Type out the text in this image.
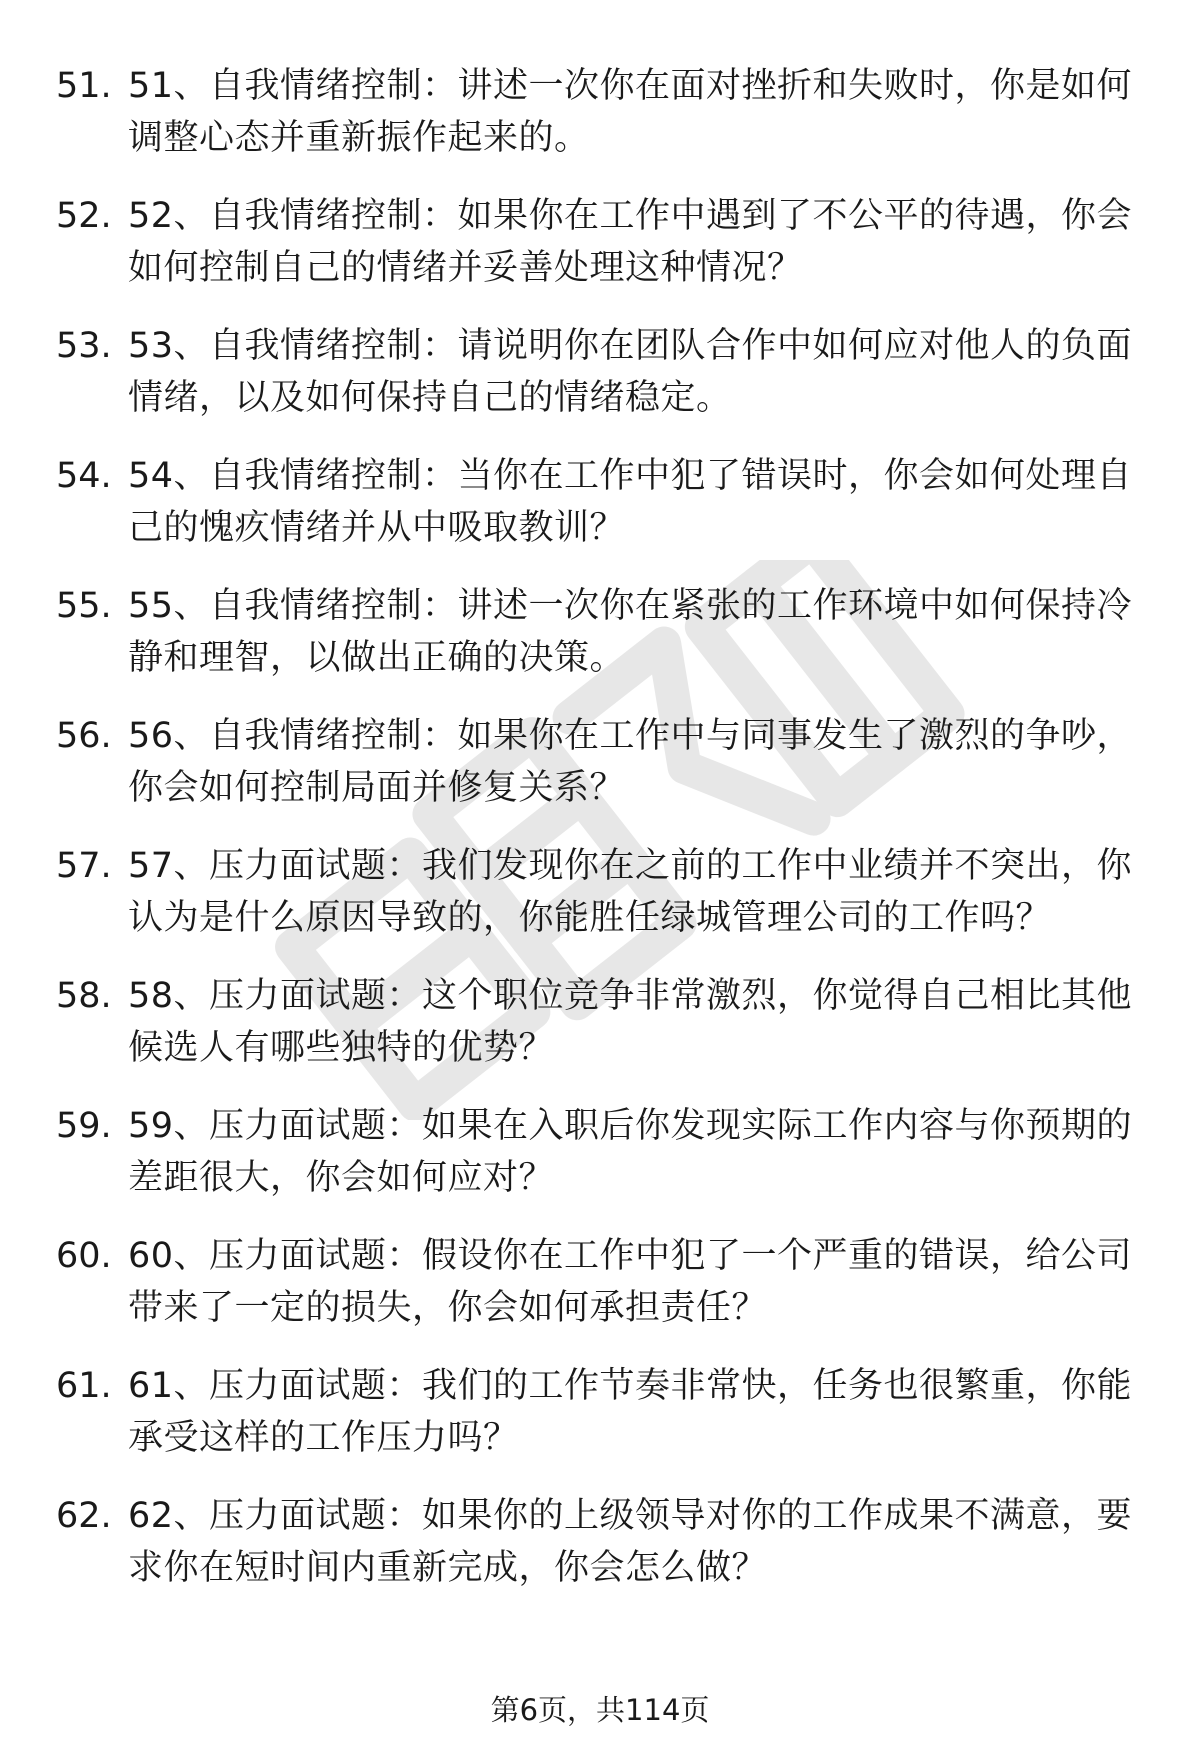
51. 51、自我情绪控制：讲述一次你在面对挫折和失败时，你是如何
调整心态并重新振作起来的。
52. 52、自我情绪控制：如果你在工作中遇到了不公平的待遇，你会
如何控制自己的情绪并妥善处理这种情况？
53. 53、自我情绪控制：请说明你在团队合作中如何应对他人的负面
情绪，以及如何保持自己的情绪稳定。
54. 54、自我情绪控制：当你在工作中犯了错误时，你会如何处理自
己的愧疚情绪并从中吸取教训？
55. 55、自我情绪控制：讲述一次你在紧张的工作环境中如何保持冷
静和理智，以做出正确的决策。
56. 56、自我情绪控制：如果你在工作中与同事发生了激烈的争吵，
你会如何控制局面并修复关系？
57. 57、压力面试题：我们发现你在之前的工作中业绩并不突出，你
认为是什么原因导致的，你能胜任绿城管理公司的工作吗？
58. 58、压力面试题：这个职位竞争非常激烈，你觉得自己相比其他
候选人有哪些独特的优势？
59. 59、压力面试题：如果在入职后你发现实际工作内容与你预期的
差距很大，你会如何应对？
60. 60、压力面试题：假设你在工作中犯了一个严重的错误，给公司
带来了一定的损失，你会如何承担责任？
61. 61、压力面试题：我们的工作节奏非常快，任务也很繁重，你能
承受这样的工作压力吗？
62. 62、压力面试题：如果你的上级领导对你的工作成果不满意，要
求你在短时间内重新完成，你会怎么做？
第6页，共114页
